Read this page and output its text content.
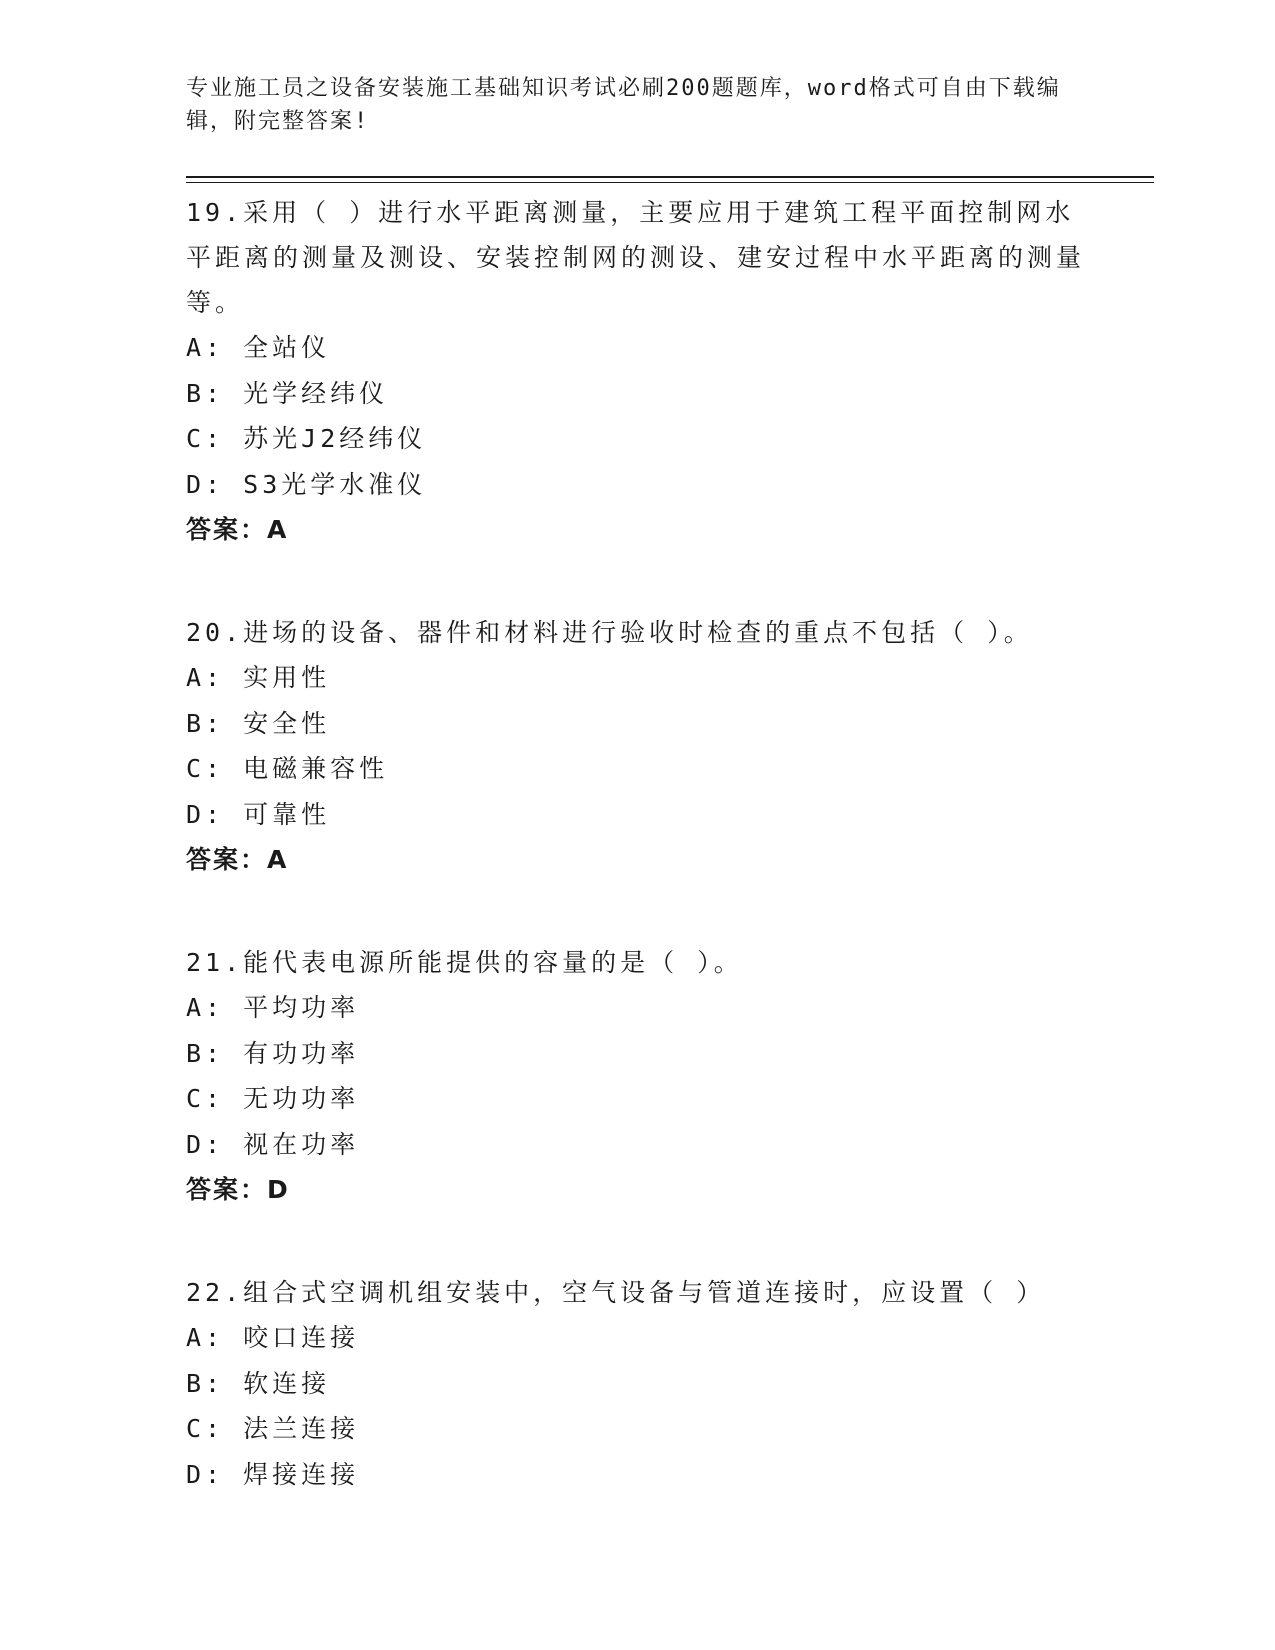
专业施工员之设备安装施工基础知识考试必刷200题题库，word格式可自由下载编辑，附完整答案!

19.采用（ ）进行水平距离测量，主要应用于建筑工程平面控制网水平距离的测量及测设、安装控制网的测设、建安过程中水平距离的测量等。

A: 全站仪

B: 光学经纬仪

C: 苏光J2经纬仪

D: S3光学水准仪

答案：A

20.进场的设备、器件和材料进行验收时检查的重点不包括（ ）。

A: 实用性

B: 安全性

C: 电磁兼容性

D: 可靠性

答案：A

21.能代表电源所能提供的容量的是（ ）。

A: 平均功率

B: 有功功率

C: 无功功率

D: 视在功率

答案：D

22.组合式空调机组安装中，空气设备与管道连接时，应设置（ ）

A: 咬口连接

B: 软连接

C: 法兰连接

D: 焊接连接
